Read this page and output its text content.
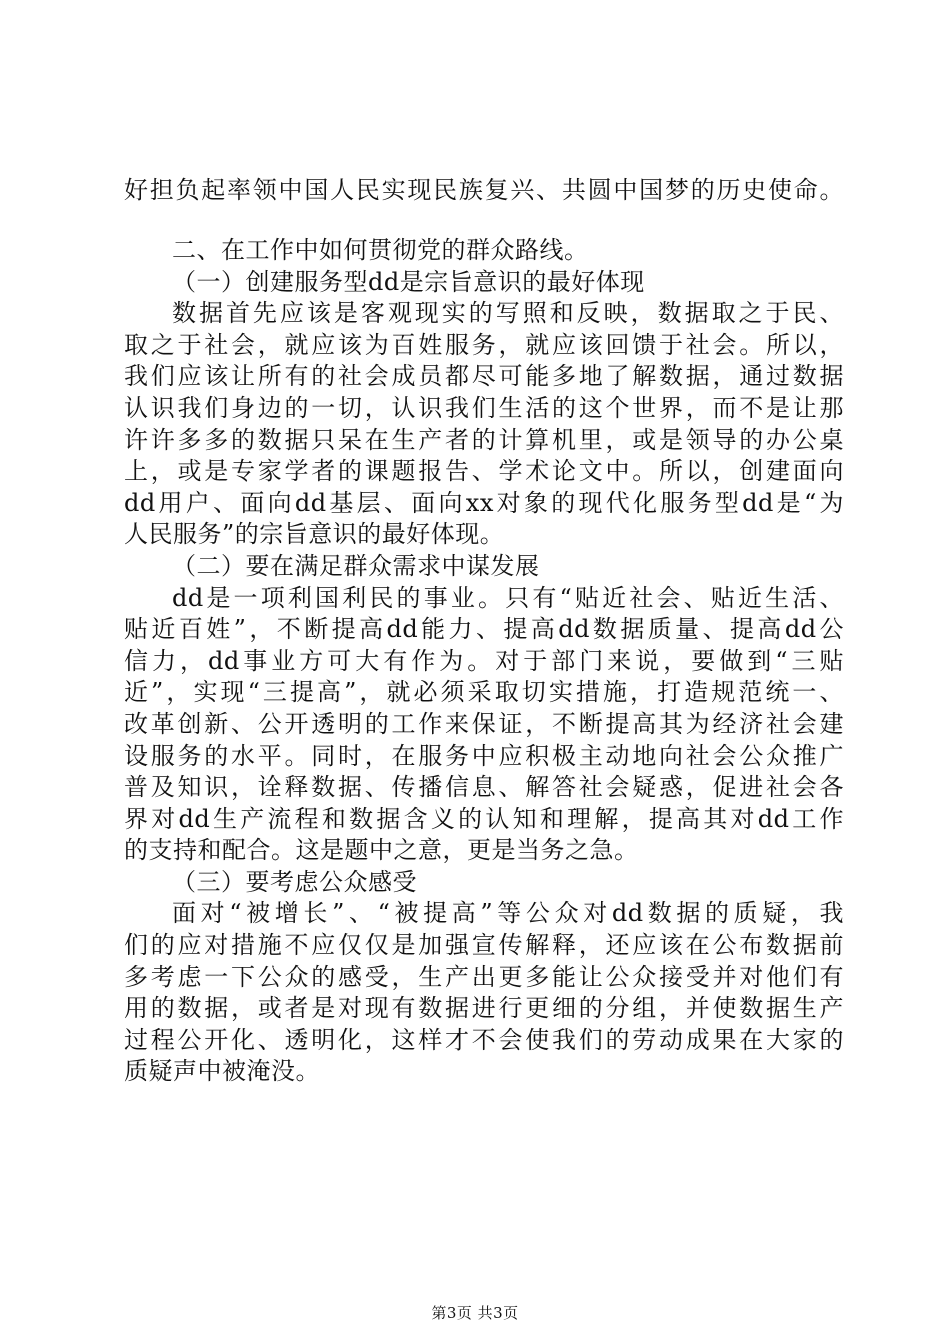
好担负起率领中国人民实现民族复兴、共圆中国梦的历史使命。
二、在工作中如何贯彻党的群众路线。
（一）创建服务型dd是宗旨意识的最好体现
数据首先应该是客观现实的写照和反映，数据取之于民、
取之于社会，就应该为百姓服务，就应该回馈于社会。所以，
我们应该让所有的社会成员都尽可能多地了解数据，通过数据
认识我们身边的一切，认识我们生活的这个世界，而不是让那
许许多多的数据只呆在生产者的计算机里，或是领导的办公桌
上，或是专家学者的课题报告、学术论文中。所以，创建面向
dd用户、面向dd基层、面向xx对象的现代化服务型dd是“为
人民服务”的宗旨意识的最好体现。
（二）要在满足群众需求中谋发展
dd是一项利国利民的事业。只有“贴近社会、贴近生活、
贴近百姓”，不断提高dd能力、提高dd数据质量、提高dd公
信力，dd事业方可大有作为。对于部门来说，要做到“三贴
近”，实现“三提高”，就必须采取切实措施，打造规范统一、
改革创新、公开透明的工作来保证，不断提高其为经济社会建
设服务的水平。同时，在服务中应积极主动地向社会公众推广
普及知识，诠释数据、传播信息、解答社会疑惑，促进社会各
界对dd生产流程和数据含义的认知和理解，提高其对dd工作
的支持和配合。这是题中之意，更是当务之急。
（三）要考虑公众感受
面对“被增长”、“被提高”等公众对dd数据的质疑，我
们的应对措施不应仅仅是加强宣传解释，还应该在公布数据前
多考虑一下公众的感受，生产出更多能让公众接受并对他们有
用的数据，或者是对现有数据进行更细的分组，并使数据生产
过程公开化、透明化，这样才不会使我们的劳动成果在大家的
质疑声中被淹没。
第3页 共3页
